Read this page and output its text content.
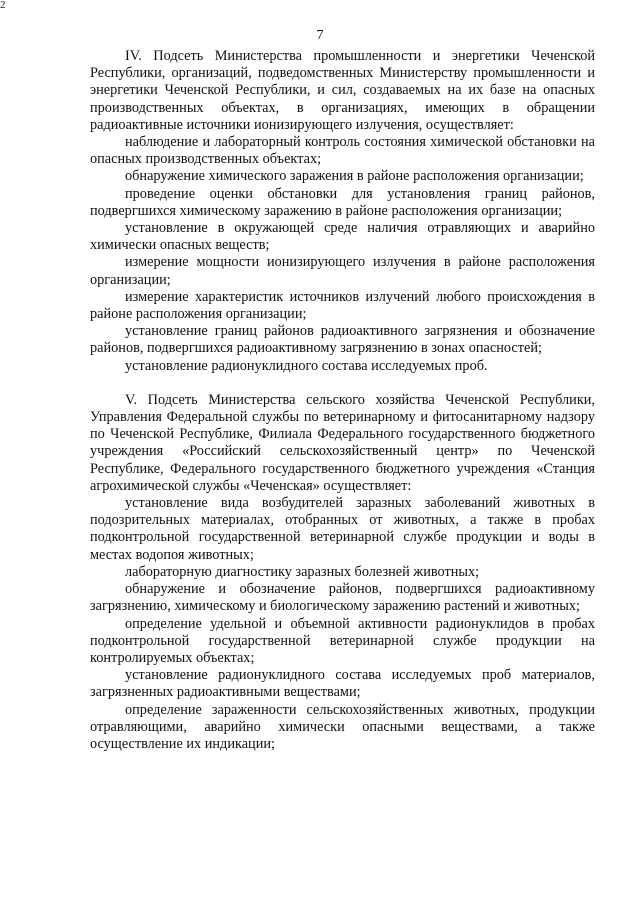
2
7

IV. Подсеть Министерства промышленности и энергетики Чеченской Республики, организаций, подведомственных Министерству промышленности и энергетики Чеченской Республики, и сил, создаваемых на их базе на опасных производственных объектах, в организациях, имеющих в обращении радиоактивные источники ионизирующего излучения, осуществляет:

наблюдение и лабораторный контроль состояния химической обстановки на опасных производственных объектах;

обнаружение химического заражения в районе расположения организации;

проведение оценки обстановки для установления границ районов, подвергшихся химическому заражению в районе расположения организации;

установление в окружающей среде наличия отравляющих и аварийно химически опасных веществ;

измерение мощности ионизирующего излучения в районе расположения организации;

измерение характеристик источников излучений любого происхождения в районе расположения организации;

установление границ районов радиоактивного загрязнения и обозначение районов, подвергшихся радиоактивному загрязнению в зонах опасностей;

установление радионуклидного состава исследуемых проб.

V. Подсеть Министерства сельского хозяйства Чеченской Республики, Управления Федеральной службы по ветеринарному и фитосанитарному надзору по Чеченской Республике, Филиала Федерального государственного бюджетного учреждения «Российский сельскохозяйственный центр» по Чеченской Республике, Федерального государственного бюджетного учреждения «Станция агрохимической службы «Чеченская» осуществляет:

установление вида возбудителей заразных заболеваний животных в подозрительных материалах, отобранных от животных, а также в пробах подконтрольной государственной ветеринарной службе продукции и воды в местах водопоя животных;

лабораторную диагностику заразных болезней животных;

обнаружение и обозначение районов, подвергшихся радиоактивному загрязнению, химическому и биологическому заражению растений и животных;

определение удельной и объемной активности радионуклидов в пробах подконтрольной государственной ветеринарной службе продукции на контролируемых объектах;

установление радионуклидного состава исследуемых проб материалов, загрязненных радиоактивными веществами;

определение зараженности сельскохозяйственных животных, продукции отравляющими, аварийно химически опасными веществами, а также осуществление их индикации;
